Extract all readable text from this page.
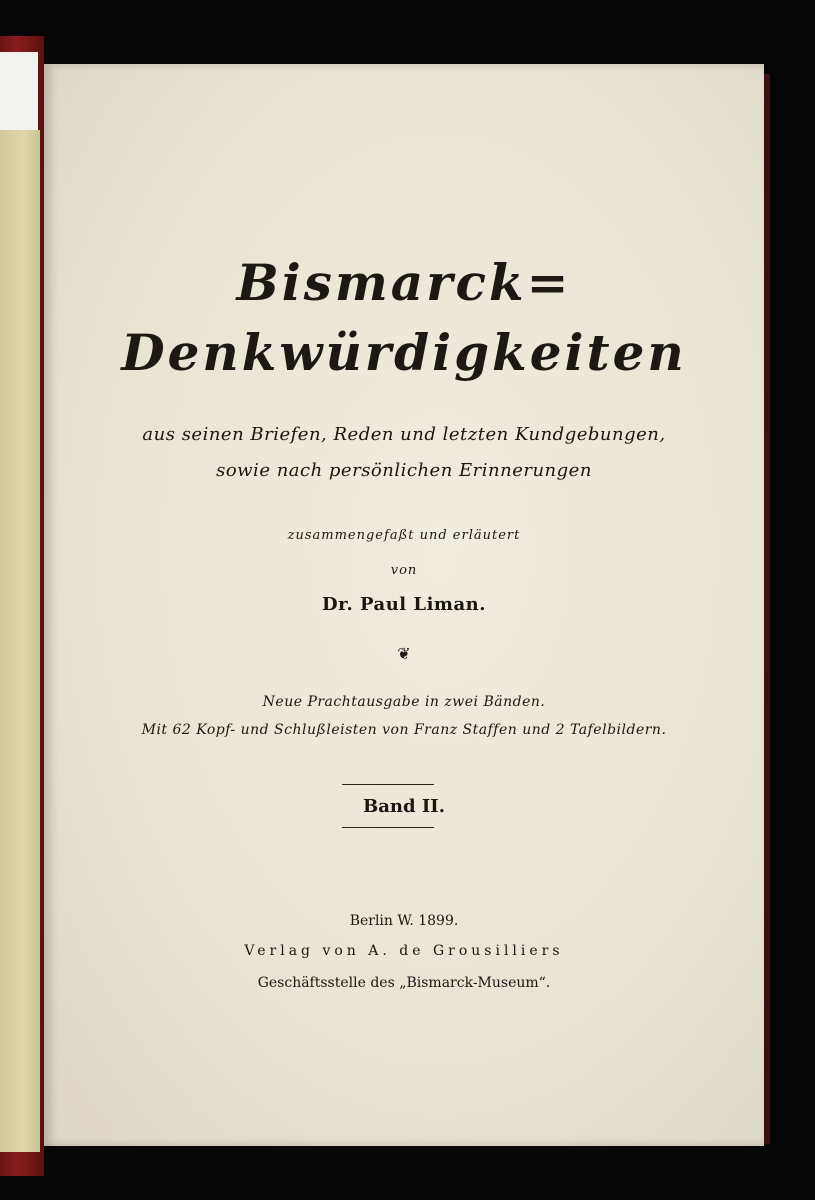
Bismarck=
Denkwürdigkeiten
aus seinen Briefen, Reden und letzten Kundgebungen,
sowie nach persönlichen Erinnerungen
zusammengefaßt und erläutert
von
Dr. Paul Liman.
❦
Neue Prachtausgabe in zwei Bänden.
Mit 62 Kopf- und Schlußleisten von Franz Staffen und 2 Tafelbildern.
Band II.
Berlin W. 1899.
Verlag von A. de Grousilliers
Geschäftsstelle des „Bismarck-Museum“.
